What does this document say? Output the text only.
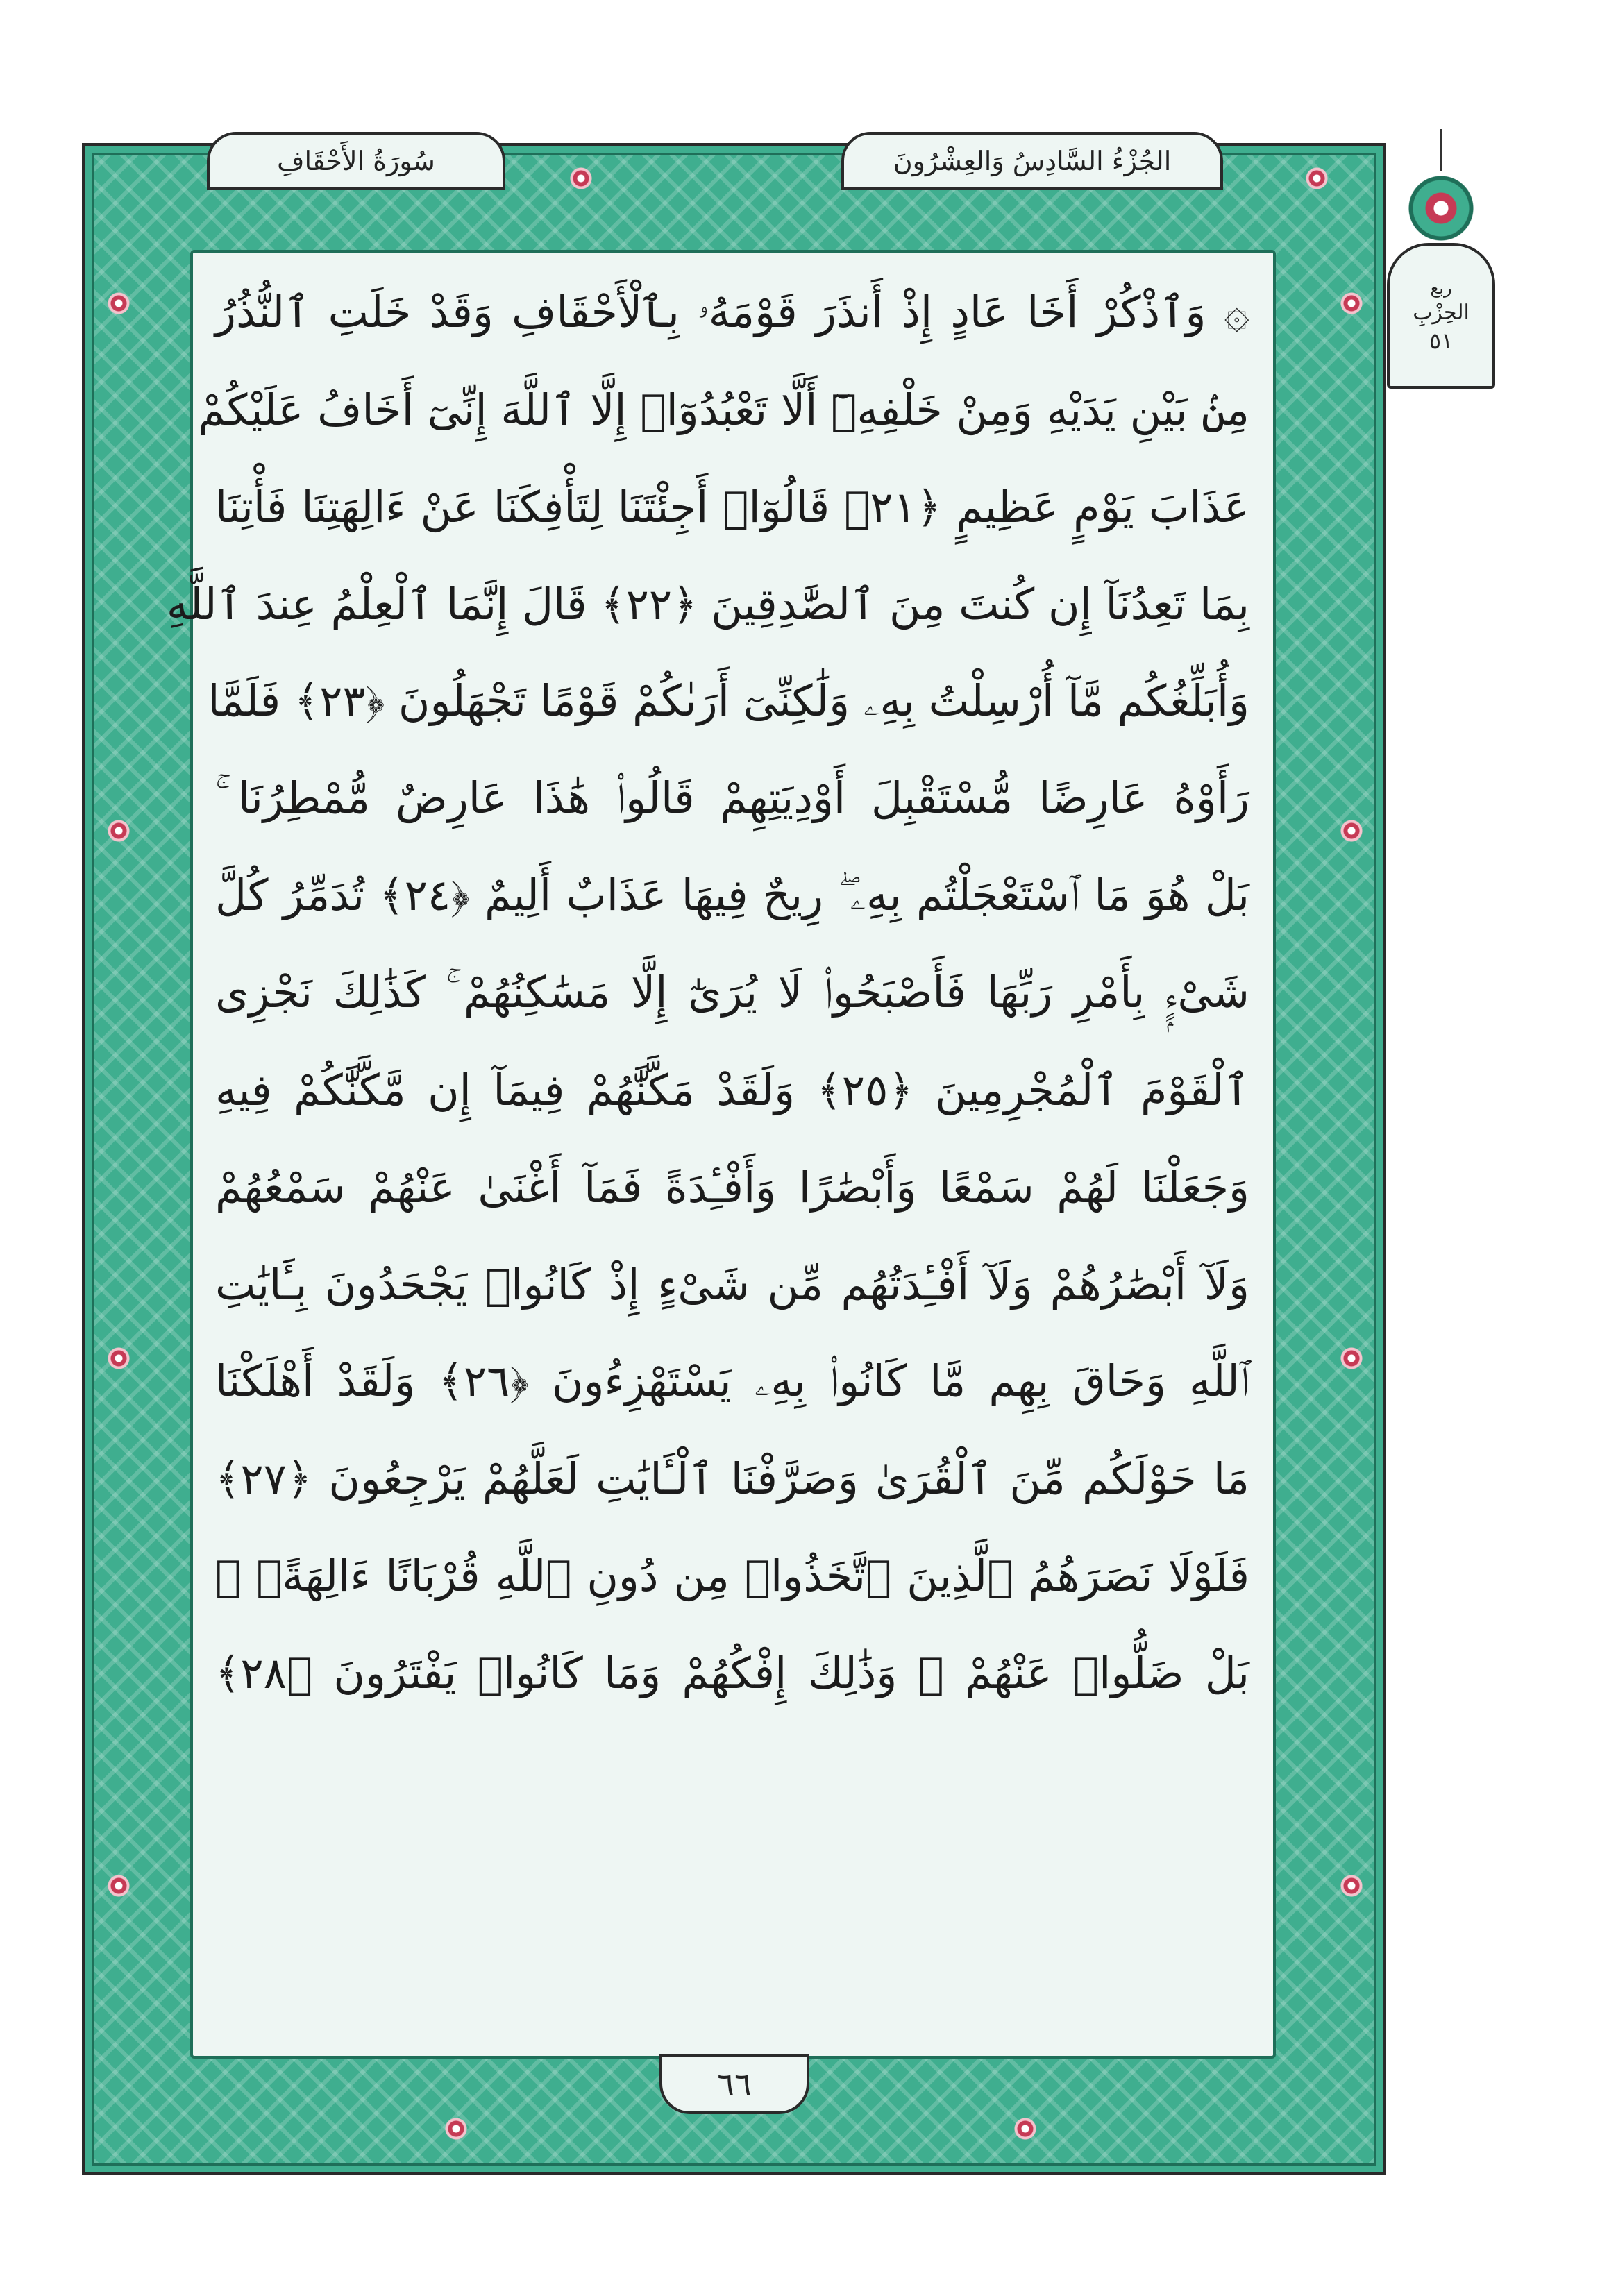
ربع
الحِزْبِ
٥١
سُورَةُ الأَحْقَافِ	الجُزْءُ السَّادِسُ وَالعِشْرُونَ
۞ وَٱذْكُرْ أَخَا عَادٍ إِذْ أَنذَرَ قَوْمَهُۥ بِٱلْأَحْقَافِ وَقَدْ خَلَتِ ٱلنُّذُرُ
مِنۢ بَيْنِ يَدَيْهِ وَمِنْ خَلْفِهِۦٓ أَلَّا تَعْبُدُوٓا۟ إِلَّا ٱللَّهَ إِنِّىٓ أَخَافُ عَلَيْكُمْ
عَذَابَ يَوْمٍ عَظِيمٍ ﴿٢١﴾ قَالُوٓا۟ أَجِئْتَنَا لِتَأْفِكَنَا عَنْ ءَالِهَتِنَا فَأْتِنَا
بِمَا تَعِدُنَآ إِن كُنتَ مِنَ ٱلصَّٰدِقِينَ ﴿٢٢﴾ قَالَ إِنَّمَا ٱلْعِلْمُ عِندَ ٱللَّهِ
وَأُبَلِّغُكُم مَّآ أُرْسِلْتُ بِهِۦ وَلَٰكِنِّىٓ أَرَىٰكُمْ قَوْمًا تَجْهَلُونَ ﴿٢٣﴾ فَلَمَّا
رَأَوْهُ عَارِضًا مُّسْتَقْبِلَ أَوْدِيَتِهِمْ قَالُوا۟ هَٰذَا عَارِضٌ مُّمْطِرُنَا ۚ
بَلْ هُوَ مَا ٱسْتَعْجَلْتُم بِهِۦ ۖ رِيحٌ فِيهَا عَذَابٌ أَلِيمٌ ﴿٢٤﴾ تُدَمِّرُ كُلَّ
شَىْءٍۭ بِأَمْرِ رَبِّهَا فَأَصْبَحُوا۟ لَا يُرَىٰٓ إِلَّا مَسَٰكِنُهُمْ ۚ كَذَٰلِكَ نَجْزِى
ٱلْقَوْمَ ٱلْمُجْرِمِينَ ﴿٢٥﴾ وَلَقَدْ مَكَّنَّٰهُمْ فِيمَآ إِن مَّكَّنَّٰكُمْ فِيهِ
وَجَعَلْنَا لَهُمْ سَمْعًا وَأَبْصَٰرًا وَأَفْـِٔدَةً فَمَآ أَغْنَىٰ عَنْهُمْ سَمْعُهُمْ
وَلَآ أَبْصَٰرُهُمْ وَلَآ أَفْـِٔدَتُهُم مِّن شَىْءٍ إِذْ كَانُوا۟ يَجْحَدُونَ بِـَٔايَٰتِ
ٱللَّهِ وَحَاقَ بِهِم مَّا كَانُوا۟ بِهِۦ يَسْتَهْزِءُونَ ﴿٢٦﴾ وَلَقَدْ أَهْلَكْنَا
مَا حَوْلَكُم مِّنَ ٱلْقُرَىٰ وَصَرَّفْنَا ٱلْـَٔايَٰتِ لَعَلَّهُمْ يَرْجِعُونَ ﴿٢٧﴾
فَلَوْلَا نَصَرَهُمُ ٱلَّذِينَ ٱتَّخَذُوا۟ مِن دُونِ ٱللَّهِ قُرْبَانًا ءَالِهَةًۢ ۖ
بَلْ ضَلُّوا۟ عَنْهُمْ ۚ وَذَٰلِكَ إِفْكُهُمْ وَمَا كَانُوا۟ يَفْتَرُونَ ﴿٢٨﴾
٦٦
